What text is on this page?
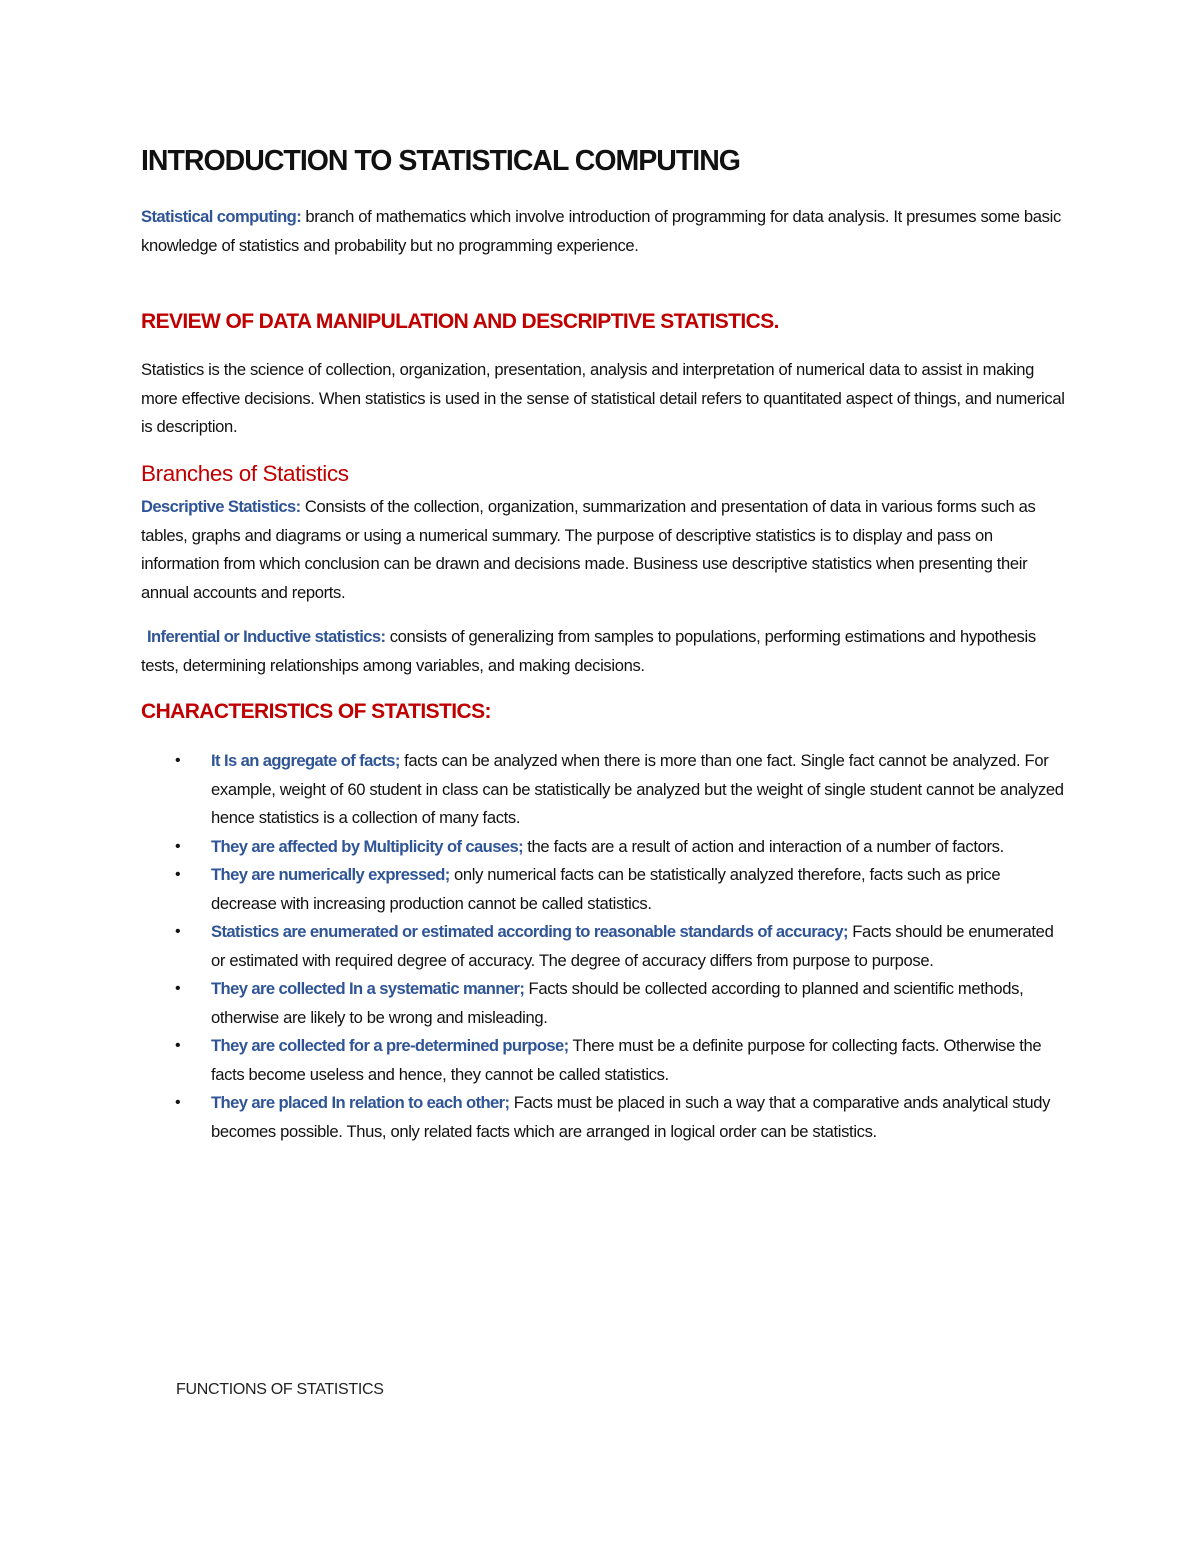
INTRODUCTION TO STATISTICAL COMPUTING

Statistical computing: branch of mathematics which involve introduction of programming for data analysis. It presumes some basic knowledge of statistics and probability but no programming experience.

REVIEW OF DATA MANIPULATION AND DESCRIPTIVE STATISTICS.

Statistics is the science of collection, organization, presentation, analysis and interpretation of numerical data to assist in making more effective decisions. When statistics is used in the sense of statistical detail refers to quantitated aspect of things, and numerical is description.

Branches of Statistics

Descriptive Statistics: Consists of the collection, organization, summarization and presentation of data in various forms such as tables, graphs and diagrams or using a numerical summary. The purpose of descriptive statistics is to display and pass on information from which conclusion can be drawn and decisions made. Business use descriptive statistics when presenting their annual accounts and reports.

Inferential or Inductive statistics: consists of generalizing from samples to populations, performing estimations and hypothesis tests, determining relationships among variables, and making decisions.

CHARACTERISTICS OF STATISTICS:
• It Is an aggregate of facts; facts can be analyzed when there is more than one fact. Single fact cannot be analyzed. For example, weight of 60 student in class can be statistically be analyzed but the weight of single student cannot be analyzed hence statistics is a collection of many facts.
• They are affected by Multiplicity of causes; the facts are a result of action and interaction of a number of factors.
• They are numerically expressed; only numerical facts can be statistically analyzed therefore, facts such as price decrease with increasing production cannot be called statistics.
• Statistics are enumerated or estimated according to reasonable standards of accuracy; Facts should be enumerated or estimated with required degree of accuracy. The degree of accuracy differs from purpose to purpose.
• They are collected In a systematic manner; Facts should be collected according to planned and scientific methods, otherwise are likely to be wrong and misleading.
• They are collected for a pre-determined purpose; There must be a definite purpose for collecting facts. Otherwise the facts become useless and hence, they cannot be called statistics.
• They are placed In relation to each other; Facts must be placed in such a way that a comparative ands analytical study becomes possible. Thus, only related facts which are arranged in logical order can be statistics.
FUNCTIONS OF STATISTICS
